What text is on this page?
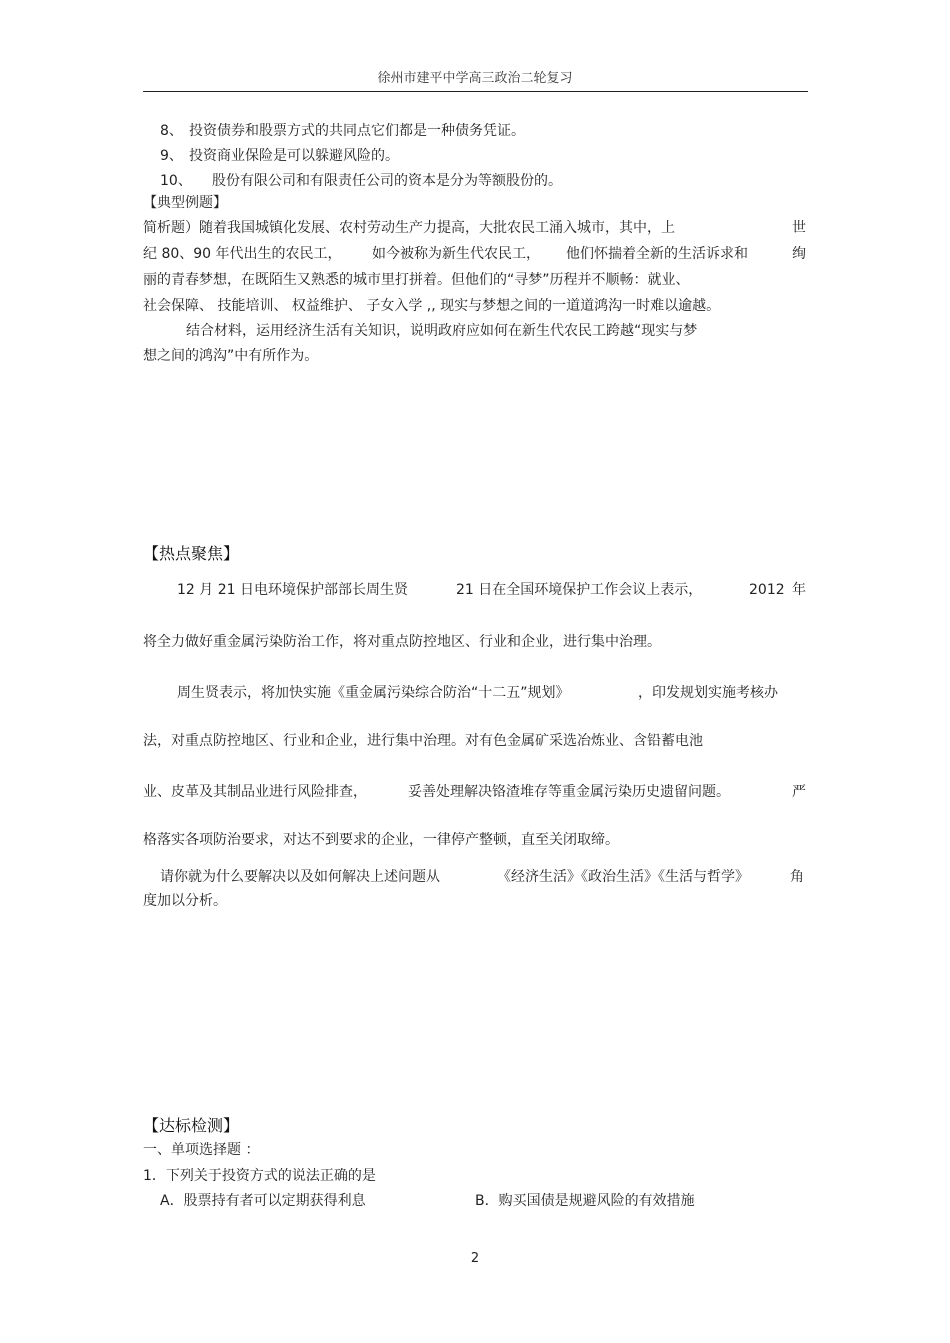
徐州市建平中学高三政治二轮复习
8、 投资债券和股票方式的共同点它们都是一种债务凭证。
9、 投资商业保险是可以躲避风险的。
10、 股份有限公司和有限责任公司的资本是分为等额股份的。
【典型例题】
简析题）随着我国城镇化发展、农村劳动生产力提高，大批农民工涌入城市，其中，上	世
纪 80、90 年代出生的农民工， 如今被称为新生代农民工， 他们怀揣着全新的生活诉求和	绚
丽的青春梦想，在既陌生又熟悉的城市里打拼着。但他们的“寻梦”历程并不顺畅：就业、
社会保障、 技能培训、 权益维护、 子女入学 ,, 现实与梦想之间的一道道鸿沟一时难以逾越。
结合材料，运用经济生活有关知识，说明政府应如何在新生代农民工跨越“现实与梦
想之间的鸿沟”中有所作为。
【热点聚焦】
12 月 21 日电环境保护部部长周生贤	21 日在全国环境保护工作会议上表示，	2012 年
将全力做好重金属污染防治工作，将对重点防控地区、行业和企业，进行集中治理。
周生贤表示，将加快实施《重金属污染综合防治“十二五”规划》	，印发规划实施考核办
法，对重点防控地区、行业和企业，进行集中治理。对有色金属矿采选冶炼业、含铅蓄电池
业、皮革及其制品业进行风险排查，	妥善处理解决铬渣堆存等重金属污染历史遗留问题。	严
格落实各项防治要求，对达不到要求的企业，一律停产整顿，直至关闭取缔。
请你就为什么要解决以及如何解决上述问题从	《经济生活》《政治生活》《生活与哲学》	角
度加以分析。
【达标检测】
一、单项选择题 ：
1．下列关于投资方式的说法正确的是
A．股票持有者可以定期获得利息	B．购买国债是规避风险的有效措施
2
